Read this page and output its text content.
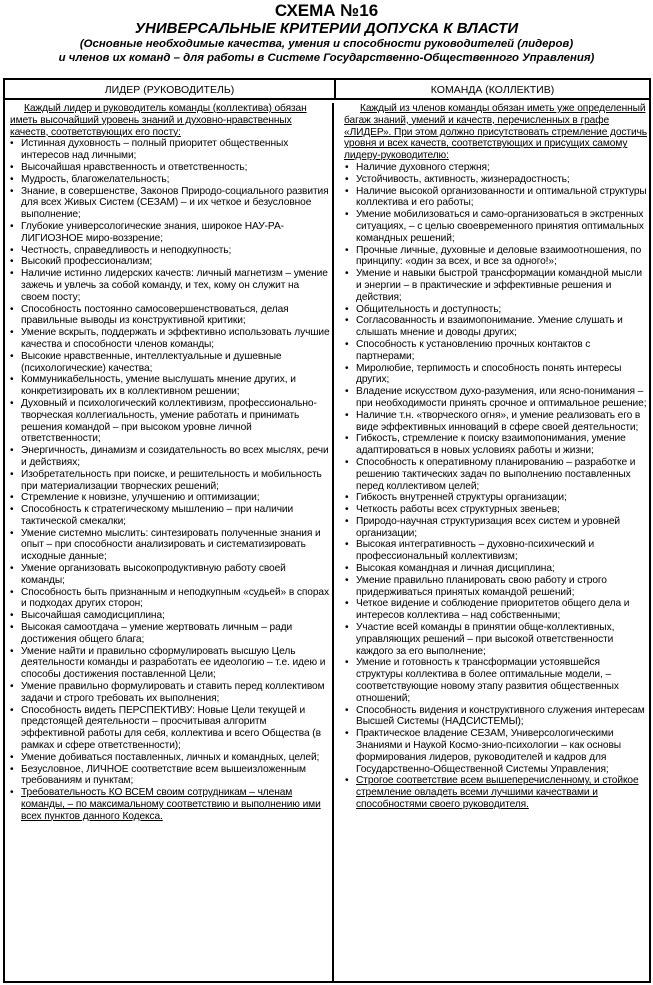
СХЕМА №16
УНИВЕРСАЛЬНЫЕ КРИТЕРИИ ДОПУСКА К ВЛАСТИ
(Основные необходимые качества, умения и способности руководителей (лидеров)
и членов их команд – для работы в Системе Государственно-Общественного Управления)
ЛИДЕР (РУКОВОДИТЕЛЬ)	КОМАНДА (КОЛЛЕКТИВ)
Каждый лидер и руководитель команды (коллектива) обязан иметь высочайший уровень знаний и духовно-нравственных качеств, соответствующих его посту:
• Истинная духовность – полный приоритет общественных интересов над личными;
• Высочайшая нравственность и ответственность;
• Мудрость, благожелательность;
• Знание, в совершенстве, Законов Природо-социального развития для всех Живых Систем (СЕЗАМ) – и их четкое и безусловное выполнение;
• Глубокие универсологические знания, широкое НАУ-РА-ЛИГИОЗНОЕ миро-воззрение;
• Честность, справедливость и неподкупность;
• Высокий профессионализм;
• Наличие истинно лидерских качеств: личный магнетизм – умение зажечь и увлечь за собой команду, и тех, кому он служит на своем посту;
• Способность постоянно самосовершенствоваться, делая правильные выводы из конструктивной критики;
• Умение вскрыть, поддержать и эффективно использовать лучшие качества и способности членов команды;
• Высокие нравственные, интеллектуальные и душевные (психологические) качества;
• Коммуникабельность, умение выслушать мнение других, и конкретизировать их в коллективном решении;
• Духовный и психологический коллективизм, профессионально-творческая коллегиальность, умение работать и принимать решения командой – при высоком уровне личной ответственности;
• Энергичность, динамизм и созидательность во всех мыслях, речи и действиях;
• Изобретательность при поиске, и решительность и мобильность при материализации творческих решений;
• Стремление к новизне, улучшению и оптимизации;
• Способность к стратегическому мышлению – при наличии тактической смекалки;
• Умение системно мыслить: синтезировать полученные знания и опыт – при способности анализировать и систематизировать исходные данные;
• Умение организовать высокопродуктивную работу своей команды;
• Способность быть признанным и неподкупным «судьей» в спорах и подходах других сторон;
• Высочайшая самодисциплина;
• Высокая самоотдача – умение жертвовать личным – ради достижения общего блага;
• Умение найти и правильно сформулировать высшую Цель деятельности команды и разработать ее идеологию – т.е. идею и способы достижения поставленной Цели;
• Умение правильно формулировать и ставить перед коллективом задачи и строго требовать их выполнения;
• Способность видеть ПЕРСПЕКТИВУ: Новые Цели текущей и предстоящей деятельности – просчитывая алгоритм эффективной работы для себя, коллектива и всего Общества (в рамках и сфере ответственности);
• Умение добиваться поставленных, личных и командных, целей;
• Безусловное, ЛИЧНОЕ соответствие всем вышеизложенным требованиям и пунктам;
• Требовательность КО ВСЕМ своим сотрудникам – членам команды, – по максимальному соответствию и выполнению ими всех пунктов данного Кодекса.
Каждый из членов команды обязан иметь уже определенный багаж знаний, умений и качеств, перечисленных в графе «ЛИДЕР». При этом должно присутствовать стремление достичь уровня и всех качеств, соответствующих и присущих самому лидеру-руководителю:
• Наличие духовного стержня;
• Устойчивость, активность, жизнерадостность;
• Наличие высокой организованности и оптимальной структуры коллектива и его работы;
• Умение мобилизоваться и само-организоваться в экстренных ситуациях, – с целью своевременного принятия оптимальных командных решений;
• Прочные личные, духовные и деловые взаимоотношения, по принципу: «один за всех, и все за одного!»;
• Умение и навыки быстрой трансформации командной мысли и энергии – в практические и эффективные решения и действия;
• Общительность и доступность;
• Согласованность и взаимопонимание. Умение слушать и слышать мнение и доводы других;
• Способность к установлению прочных контактов с партнерами;
• Миролюбие, терпимость и способность понять интересы других;
• Владение искусством духо-разумения, или ясно-понимания – при необходимости принять срочное и оптимальное решение;
• Наличие т.н. «творческого огня», и умение реализовать его в виде эффективных инноваций в сфере своей деятельности;
• Гибкость, стремление к поиску взаимопонимания, умение адаптироваться в новых условиях работы и жизни;
• Способность к оперативному планированию – разработке и решению тактических задач по выполнению поставленных перед коллективом целей;
• Гибкость внутренней структуры организации;
• Четкость работы всех структурных звеньев;
• Природо-научная структуризация всех систем и уровней организации;
• Высокая интегративность – духовно-психический и профессиональный коллективизм;
• Высокая командная и личная дисциплина;
• Умение правильно планировать свою работу и строго придерживаться принятых командой решений;
• Четкое видение и соблюдение приоритетов общего дела и интересов коллектива – над собственными;
• Участие всей команды в принятии обще-коллективных, управляющих решений – при высокой ответственности каждого за его выполнение;
• Умение и готовность к трансформации устоявшейся структуры коллектива в более оптимальные модели, – соответствующие новому этапу развития общественных отношений;
• Способность видения и конструктивного служения интересам Высшей Системы (НАДСИСТЕМЫ);
• Практическое владение СЕЗАМ, Универсологическими Знаниями и Наукой Космо-знио-психологии – как основы формирования лидеров, руководителей и кадров для Государственно-Общественной Системы Управления;
• Строгое соответствие всем вышеперечисленному, и стойкое стремление овладеть всеми лучшими качествами и способностями своего руководителя.
